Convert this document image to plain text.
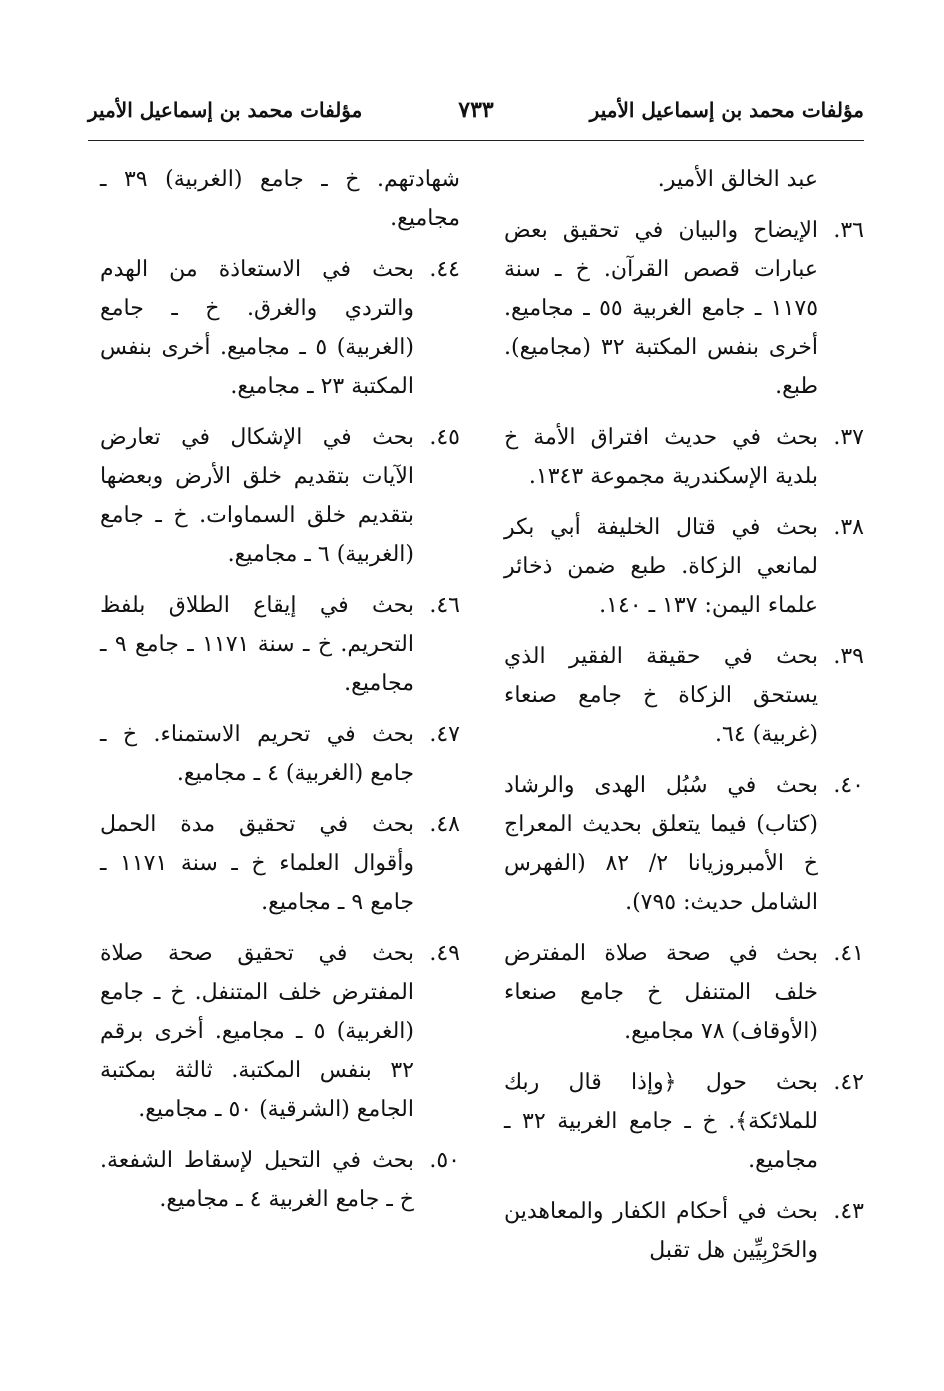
مؤلفات محمد بن إسماعيل الأمير
٧٣٣
مؤلفات محمد بن إسماعيل الأمير

عبد الخالق الأمير.

٣٦.
الإيضاح والبيان في تحقيق بعض عبارات قصص القرآن. خ ـ سنة ١١٧٥ ـ جامع الغربية ٥٥ ـ مجاميع. أخرى بنفس المكتبة ٣٢ (مجاميع). طبع.

٣٧.
بحث في حديث افتراق الأمة خ بلدية الإسكندرية مجموعة ١٣٤٣.

٣٨.
بحث في قتال الخليفة أبي بكر لمانعي الزكاة. طبع ضمن ذخائر علماء اليمن: ١٣٧ ـ ١٤٠.

٣٩.
بحث في حقيقة الفقير الذي يستحق الزكاة خ جامع صنعاء (غربية) ٦٤.

٤٠.
بحث في سُبُل الهدى والرشاد (كتاب) فيما يتعلق بحديث المعراج خ الأمبروزيانا ٢/ ٨٢ (الفهرس الشامل حديث: ٧٩٥).

٤١.
بحث في صحة صلاة المفترض خلف المتنفل خ جامع صنعاء (الأوقاف) ٧٨ مجاميع.

٤٢.
بحث حول ﴿وإذا قال ربك للملائكة﴾. خ ـ جامع الغربية ٣٢ ـ مجاميع.

٤٣.
بحث في أحكام الكفار والمعاهدين والحَرْبِيِّين هل تقبل

شهادتهم. خ ـ جامع (الغربية) ٣٩ ـ مجاميع.

٤٤.
بحث في الاستعاذة من الهدم والتردي والغرق. خ ـ جامع (الغربية) ٥ ـ مجاميع. أخرى بنفس المكتبة ٢٣ ـ مجاميع.

٤٥.
بحث في الإشكال في تعارض الآيات بتقديم خلق الأرض وبعضها بتقديم خلق السماوات. خ ـ جامع (الغربية) ٦ ـ مجاميع.

٤٦.
بحث في إيقاع الطلاق بلفظ التحريم. خ ـ سنة ١١٧١ ـ جامع ٩ ـ مجاميع.

٤٧.
بحث في تحريم الاستمناء. خ ـ جامع (الغربية) ٤ ـ مجاميع.

٤٨.
بحث في تحقيق مدة الحمل وأقوال العلماء خ ـ سنة ١١٧١ ـ جامع ٩ ـ مجاميع.

٤٩.
بحث في تحقيق صحة صلاة المفترض خلف المتنفل. خ ـ جامع (الغربية) ٥ ـ مجاميع. أخرى برقم ٣٢ بنفس المكتبة. ثالثة بمكتبة الجامع (الشرقية) ٥٠ ـ مجاميع.

٥٠.
بحث في التحيل لإسقاط الشفعة. خ ـ جامع الغربية ٤ ـ مجاميع.
